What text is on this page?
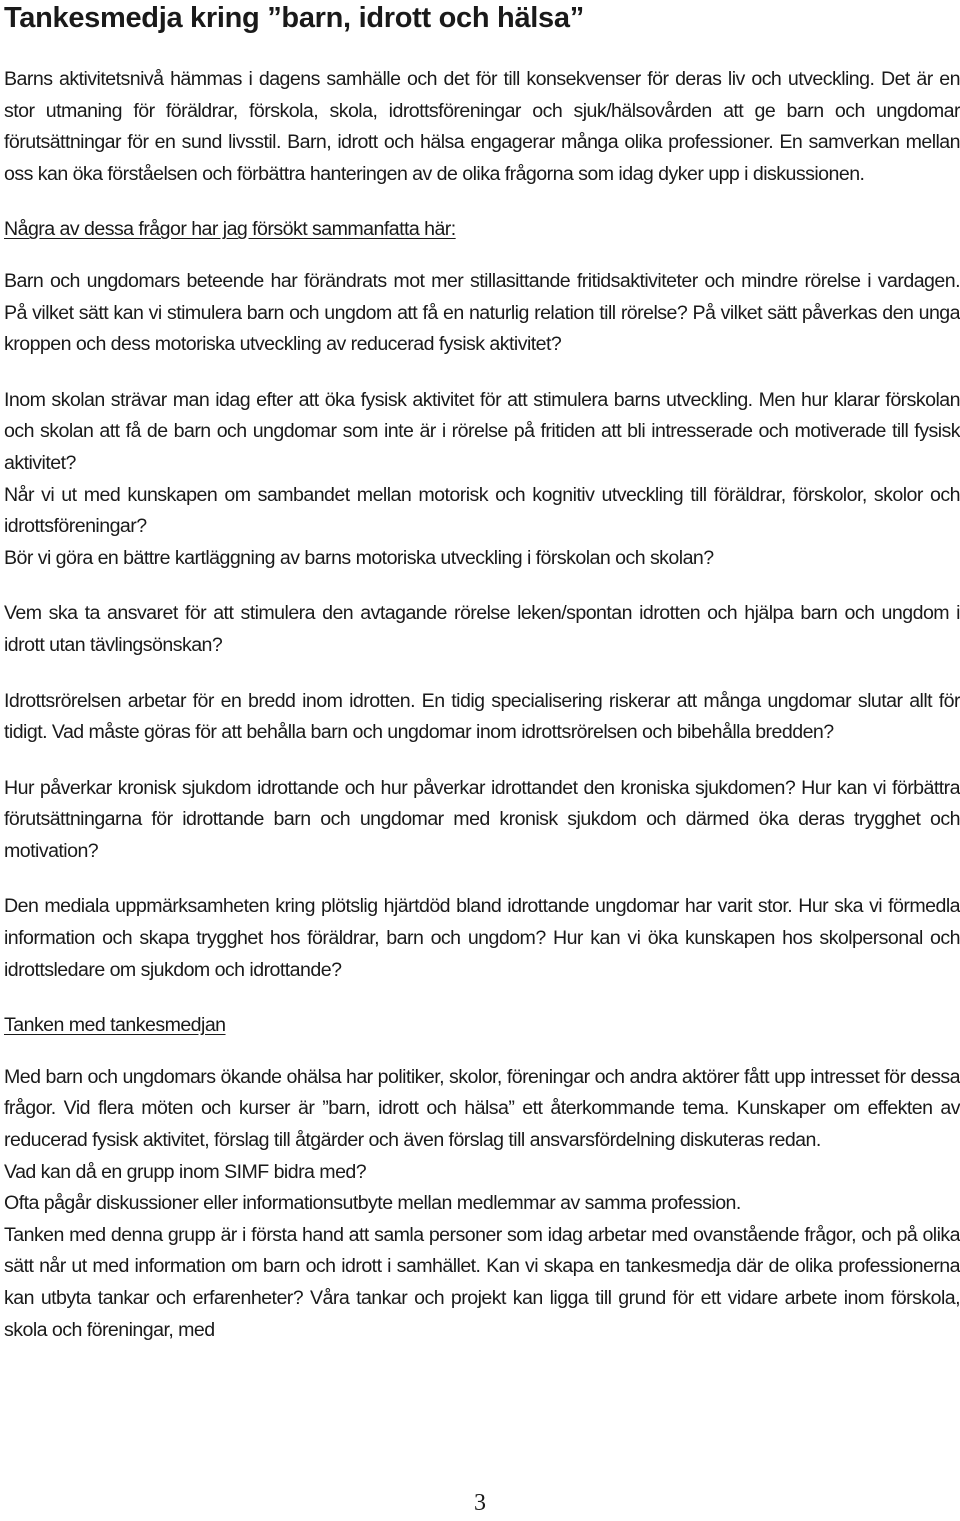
Tankesmedja kring ”barn, idrott och hälsa”

Barns aktivitetsnivå hämmas i dagens samhälle och det för till konsekvenser för deras liv och utveckling. Det är en stor utmaning för föräldrar, förskola, skola, idrottsföreningar och sjuk/hälsovården att ge barn och ungdomar förutsättningar för en sund livsstil. Barn, idrott och hälsa engagerar många olika professioner. En samverkan mellan oss kan öka förståelsen och förbättra hanteringen av de olika frågorna som idag dyker upp i diskussionen.

Några av dessa frågor har jag försökt sammanfatta här:

Barn och ungdomars beteende har förändrats mot mer stillasittande fritidsaktiviteter och mindre rörelse i vardagen. På vilket sätt kan vi stimulera barn och ungdom att få en naturlig relation till rörelse? På vilket sätt påverkas den unga kroppen och dess motoriska utveckling av reducerad fysisk aktivitet?

Inom skolan strävar man idag efter att öka fysisk aktivitet för att stimulera barns utveckling. Men hur klarar förskolan och skolan att få de barn och ungdomar som inte är i rörelse på fritiden att bli intresserade och motiverade till fysisk aktivitet?

Når vi ut med kunskapen om sambandet mellan motorisk och kognitiv utveckling till föräldrar, förskolor, skolor och idrottsföreningar?

Bör vi göra en bättre kartläggning av barns motoriska utveckling i förskolan och skolan?

Vem ska ta ansvaret för att stimulera den avtagande rörelse leken/spontan idrotten och hjälpa barn och ungdom i idrott utan tävlingsönskan?

Idrottsrörelsen arbetar för en bredd inom idrotten. En tidig specialisering riskerar att många ungdomar slutar allt för tidigt. Vad måste göras för att behålla barn och ungdomar inom idrottsrörelsen och bibehålla bredden?

Hur påverkar kronisk sjukdom idrottande och hur påverkar idrottandet den kroniska sjukdomen? Hur kan vi förbättra förutsättningarna för idrottande barn och ungdomar med kronisk sjukdom och därmed öka deras trygghet och motivation?

Den mediala uppmärksamheten kring plötslig hjärtdöd bland idrottande ungdomar har varit stor. Hur ska vi förmedla information och skapa trygghet hos föräldrar, barn och ungdom? Hur kan vi öka kunskapen hos skolpersonal och idrottsledare om sjukdom och idrottande?

Tanken med tankesmedjan

Med barn och ungdomars ökande ohälsa har politiker, skolor, föreningar och andra aktörer fått upp intresset för dessa frågor. Vid flera möten och kurser är ”barn, idrott och hälsa” ett återkommande tema. Kunskaper om effekten av reducerad fysisk aktivitet, förslag till åtgärder och även förslag till ansvarsfördelning diskuteras redan.

Vad kan då en grupp inom SIMF bidra med?

Ofta pågår diskussioner eller informationsutbyte mellan medlemmar av samma profession.

Tanken med denna grupp är i första hand att samla personer som idag arbetar med ovanstående frågor, och på olika sätt når ut med information om barn och idrott i samhället. Kan vi skapa en tankesmedja där de olika professionerna kan utbyta tankar och erfarenheter? Våra tankar och projekt kan ligga till grund för ett vidare arbete inom förskola, skola och föreningar, med

3
